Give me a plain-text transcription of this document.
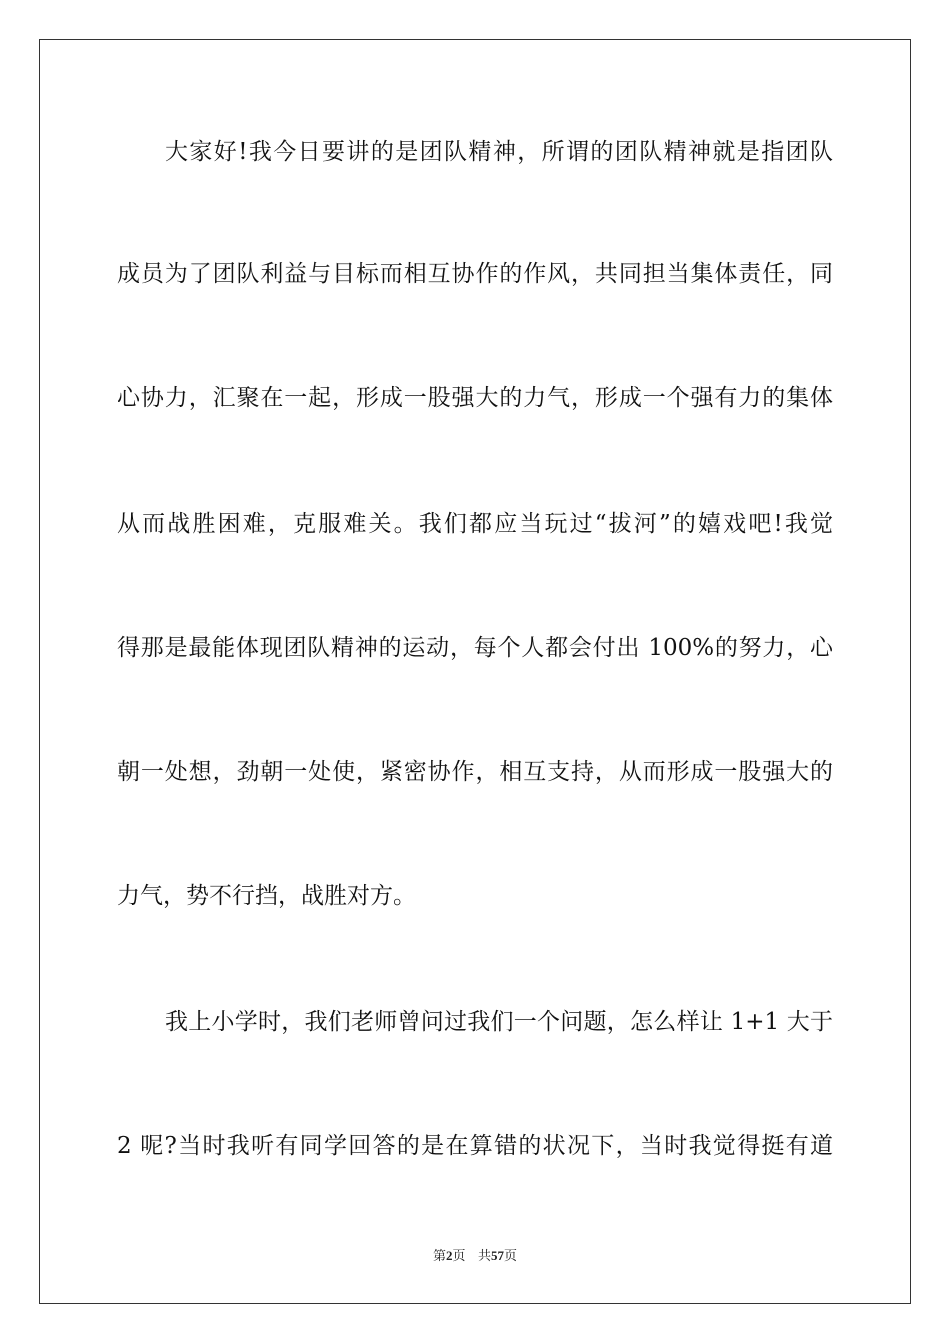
大家好!我今日要讲的是团队精神，所谓的团队精神就是指团队
成员为了团队利益与目标而相互协作的作风，共同担当集体责任，同
心协力，汇聚在一起，形成一股强大的力气，形成一个强有力的集体
从而战胜困难，克服难关。我们都应当玩过“拔河”的嬉戏吧!我觉
得那是最能体现团队精神的运动，每个人都会付出 100%的努力，心
朝一处想，劲朝一处使，紧密协作，相互支持，从而形成一股强大的
力气，势不行挡，战胜对方。
我上小学时，我们老师曾问过我们一个问题，怎么样让 1+1 大于
2 呢?当时我听有同学回答的是在算错的状况下，当时我觉得挺有道
第2页 共57页
